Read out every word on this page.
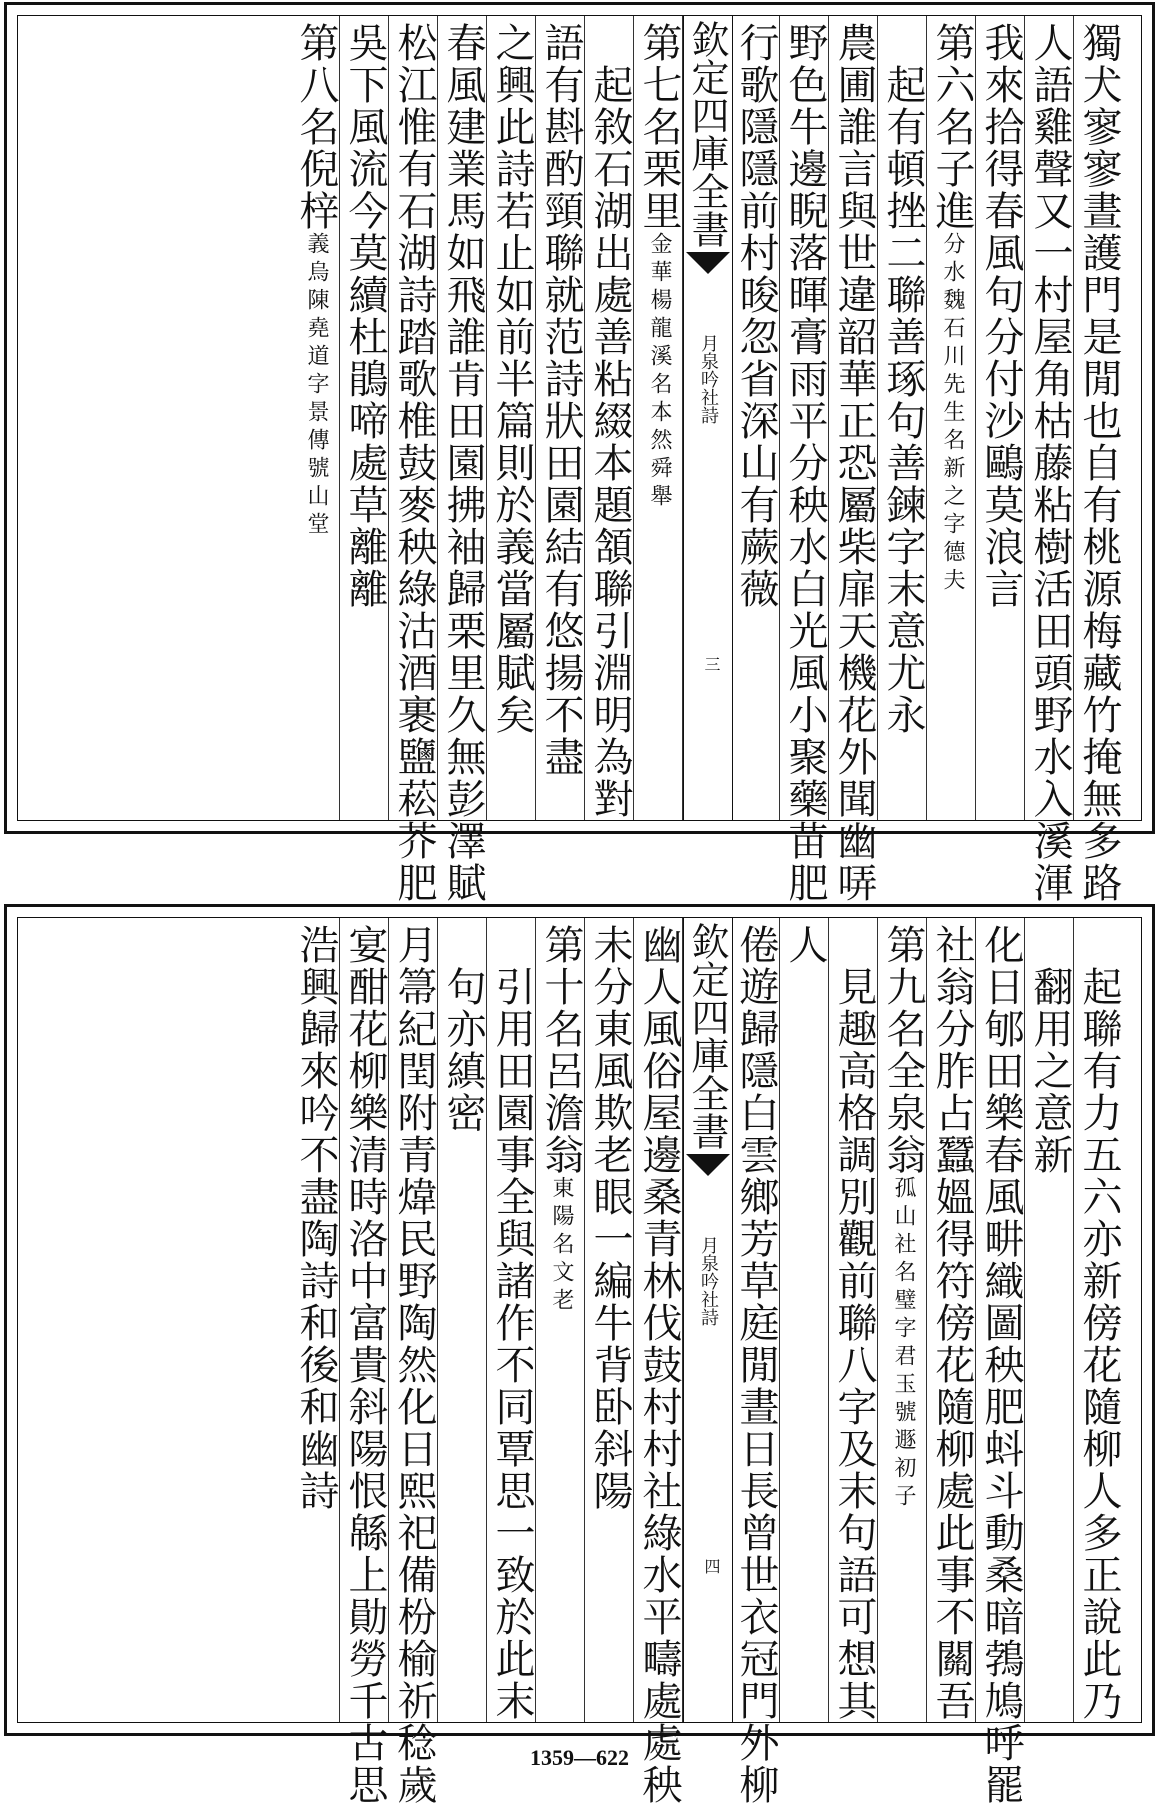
獨犬寥寥晝護門是閒也自有桃源梅藏竹掩無多路
人語雞聲又一村屋角枯藤粘樹活田頭野水入溪渾
我來拾得春風句分付沙鷗莫浪言
第六名子進分水魏石川先生名新之字德夫
　起有頓挫二聯善琢句善鍊字末意尤永
農圃誰言與世違韶華正恐屬柴扉天機花外聞幽哢
野色牛邊睨落暉膏雨平分秧水白光風小聚藥苗肥
行歌隱隱前村晙忽省深山有蕨薇
欽定四庫全書
月泉吟社詩
三
第七名栗里金華楊龍溪名本然舜舉
　起敘石湖出處善粘綴本題頷聯引淵明為對
語有斟酌頸聯就范詩狀田園結有悠揚不盡
之興此詩若止如前半篇則於義當屬賦矣
春風建業馬如飛誰肯田園拂袖歸栗里久無彭澤賦
松江惟有石湖詩踏歌椎鼓麥秧綠沽酒裹鹽菘芥肥
吳下風流今莫續杜鵑啼處草離離
第八名倪梓義烏陳堯道字景傳號山堂
　起聯有力五六亦新傍花隨柳人多正說此乃
　翻用之意新
化日郇田樂春風畊織圖秧肥蚪斗動桑暗鵓鳩呼罷
社翁分胙占蠶媼得符傍花隨柳處此事不關吾
第九名全泉翁孤山社名璧字君玉號遯初子
　見趣高格調別觀前聯八字及末句語可想其
人
倦遊歸隱白雲鄉芳草庭閒晝日長曾世衣冠門外柳
欽定四庫全書
月泉吟社詩
四
幽人風俗屋邊桑青林伐鼓村村社綠水平疇處處秧
未分東風欺老眼一編牛背卧斜陽
第十名呂澹翁東陽名文老
　引用田園事全與諸作不同覃思一致於此末
　句亦縝密
月箒紀閏附青煒民野陶然化日熙祀備枌榆祈稔歲
宴酣花柳樂清時洛中富貴斜陽恨緜上勛勞千古思
浩興歸來吟不盡陶詩和後和幽詩
1359—622
